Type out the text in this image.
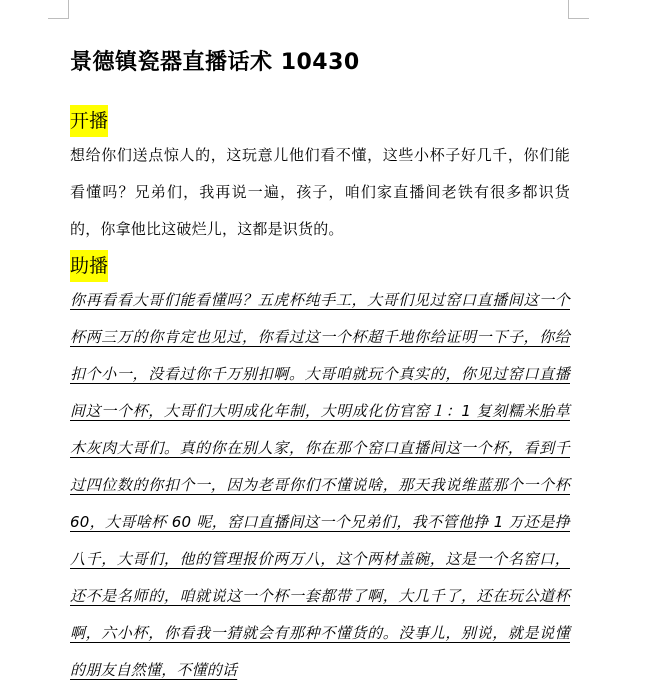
景德镇瓷器直播话术 10430
开播

想给你们送点惊人的，这玩意儿他们看不懂，这些小杯子好几千，你们能看懂吗？兄弟们，我再说一遍，孩子，咱们家直播间老铁有很多都识货的，你拿他比这破烂儿，这都是识货的。

助播

你再看看大哥们能看懂吗？五虎杯纯手工，大哥们见过窑口直播间这一个杯两三万的你肯定也见过，你看过这一个杯超千地你给证明一下子，你给扣个小一，没看过你千万别扣啊。大哥咱就玩个真实的，你见过窑口直播间这一个杯，大哥们大明成化年制，大明成化仿官窑１：1 复刻糯米胎草木灰肉大哥们。真的你在别人家，你在那个窑口直播间这一个杯，看到千过四位数的你扣个一，因为老哥你们不懂说啥，那天我说维蓝那个一个杯 60，大哥啥杯 60 呢，窑口直播间这一个兄弟们，我不管他挣 1 万还是挣八千，大哥们，他的管理报价两万八，这个两材盖碗，这是一个名窑口，还不是名师的，咱就说这一个杯一套都带了啊，大几千了，还在玩公道杯啊，六小杯，你看我一猜就会有那种不懂货的。没事儿，别说，就是说懂的朋友自然懂，不懂的话
